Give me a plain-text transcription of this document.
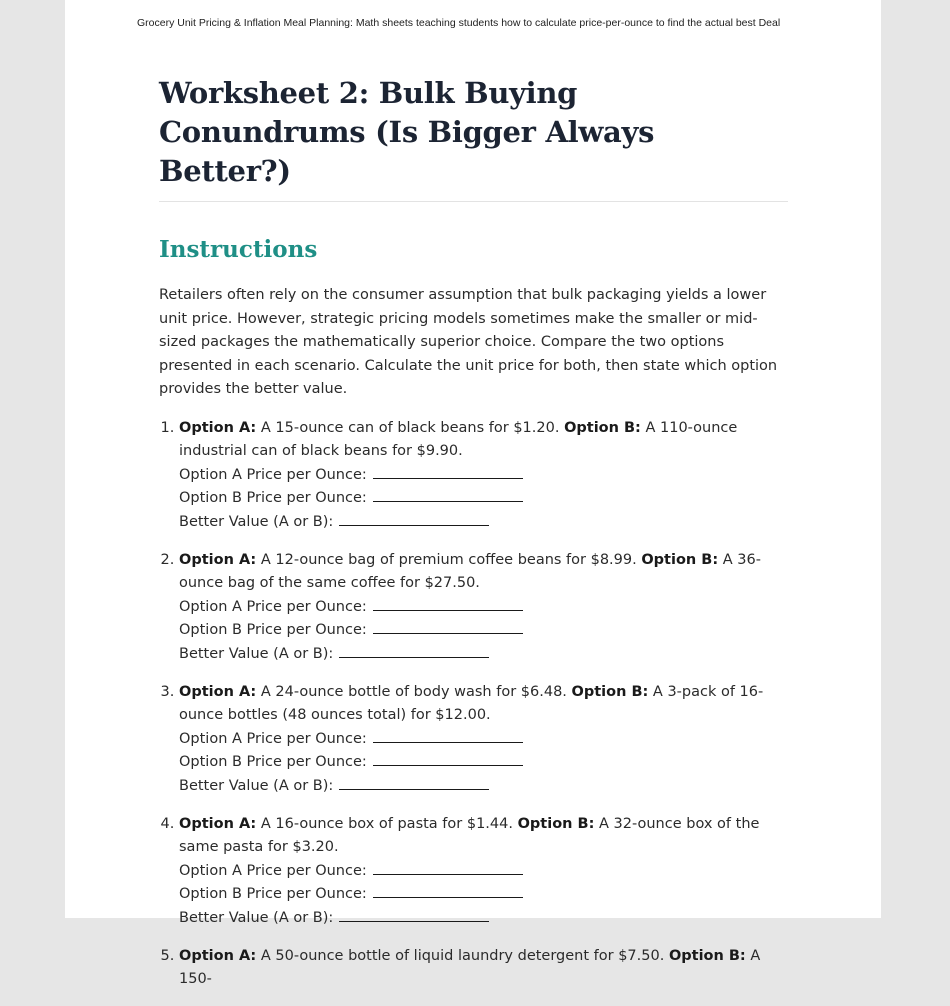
Grocery Unit Pricing & Inflation Meal Planning: Math sheets teaching students how to calculate price-per-ounce to find the actual best Deal
Worksheet 2: Bulk Buying Conundrums (Is Bigger Always Better?)
Instructions

Retailers often rely on the consumer assumption that bulk packaging yields a lower unit price. However, strategic pricing models sometimes make the smaller or mid-sized packages the mathematically superior choice. Compare the two options presented in each scenario. Calculate the unit price for both, then state which option provides the better value.

1. Option A: A 15-ounce can of black beans for $1.20. Option B: A 110-ounce industrial can of black beans for $9.90.
Option A Price per Ounce:
Option B Price per Ounce:
Better Value (A or B):
2. Option A: A 12-ounce bag of premium coffee beans for $8.99. Option B: A 36-ounce bag of the same coffee for $27.50.
Option A Price per Ounce:
Option B Price per Ounce:
Better Value (A or B):
3. Option A: A 24-ounce bottle of body wash for $6.48. Option B: A 3-pack of 16-ounce bottles (48 ounces total) for $12.00.
Option A Price per Ounce:
Option B Price per Ounce:
Better Value (A or B):
4. Option A: A 16-ounce box of pasta for $1.44. Option B: A 32-ounce box of the same pasta for $3.20.
Option A Price per Ounce:
Option B Price per Ounce:
Better Value (A or B):
5. Option A: A 50-ounce bottle of liquid laundry detergent for $7.50. Option B: A 150-
